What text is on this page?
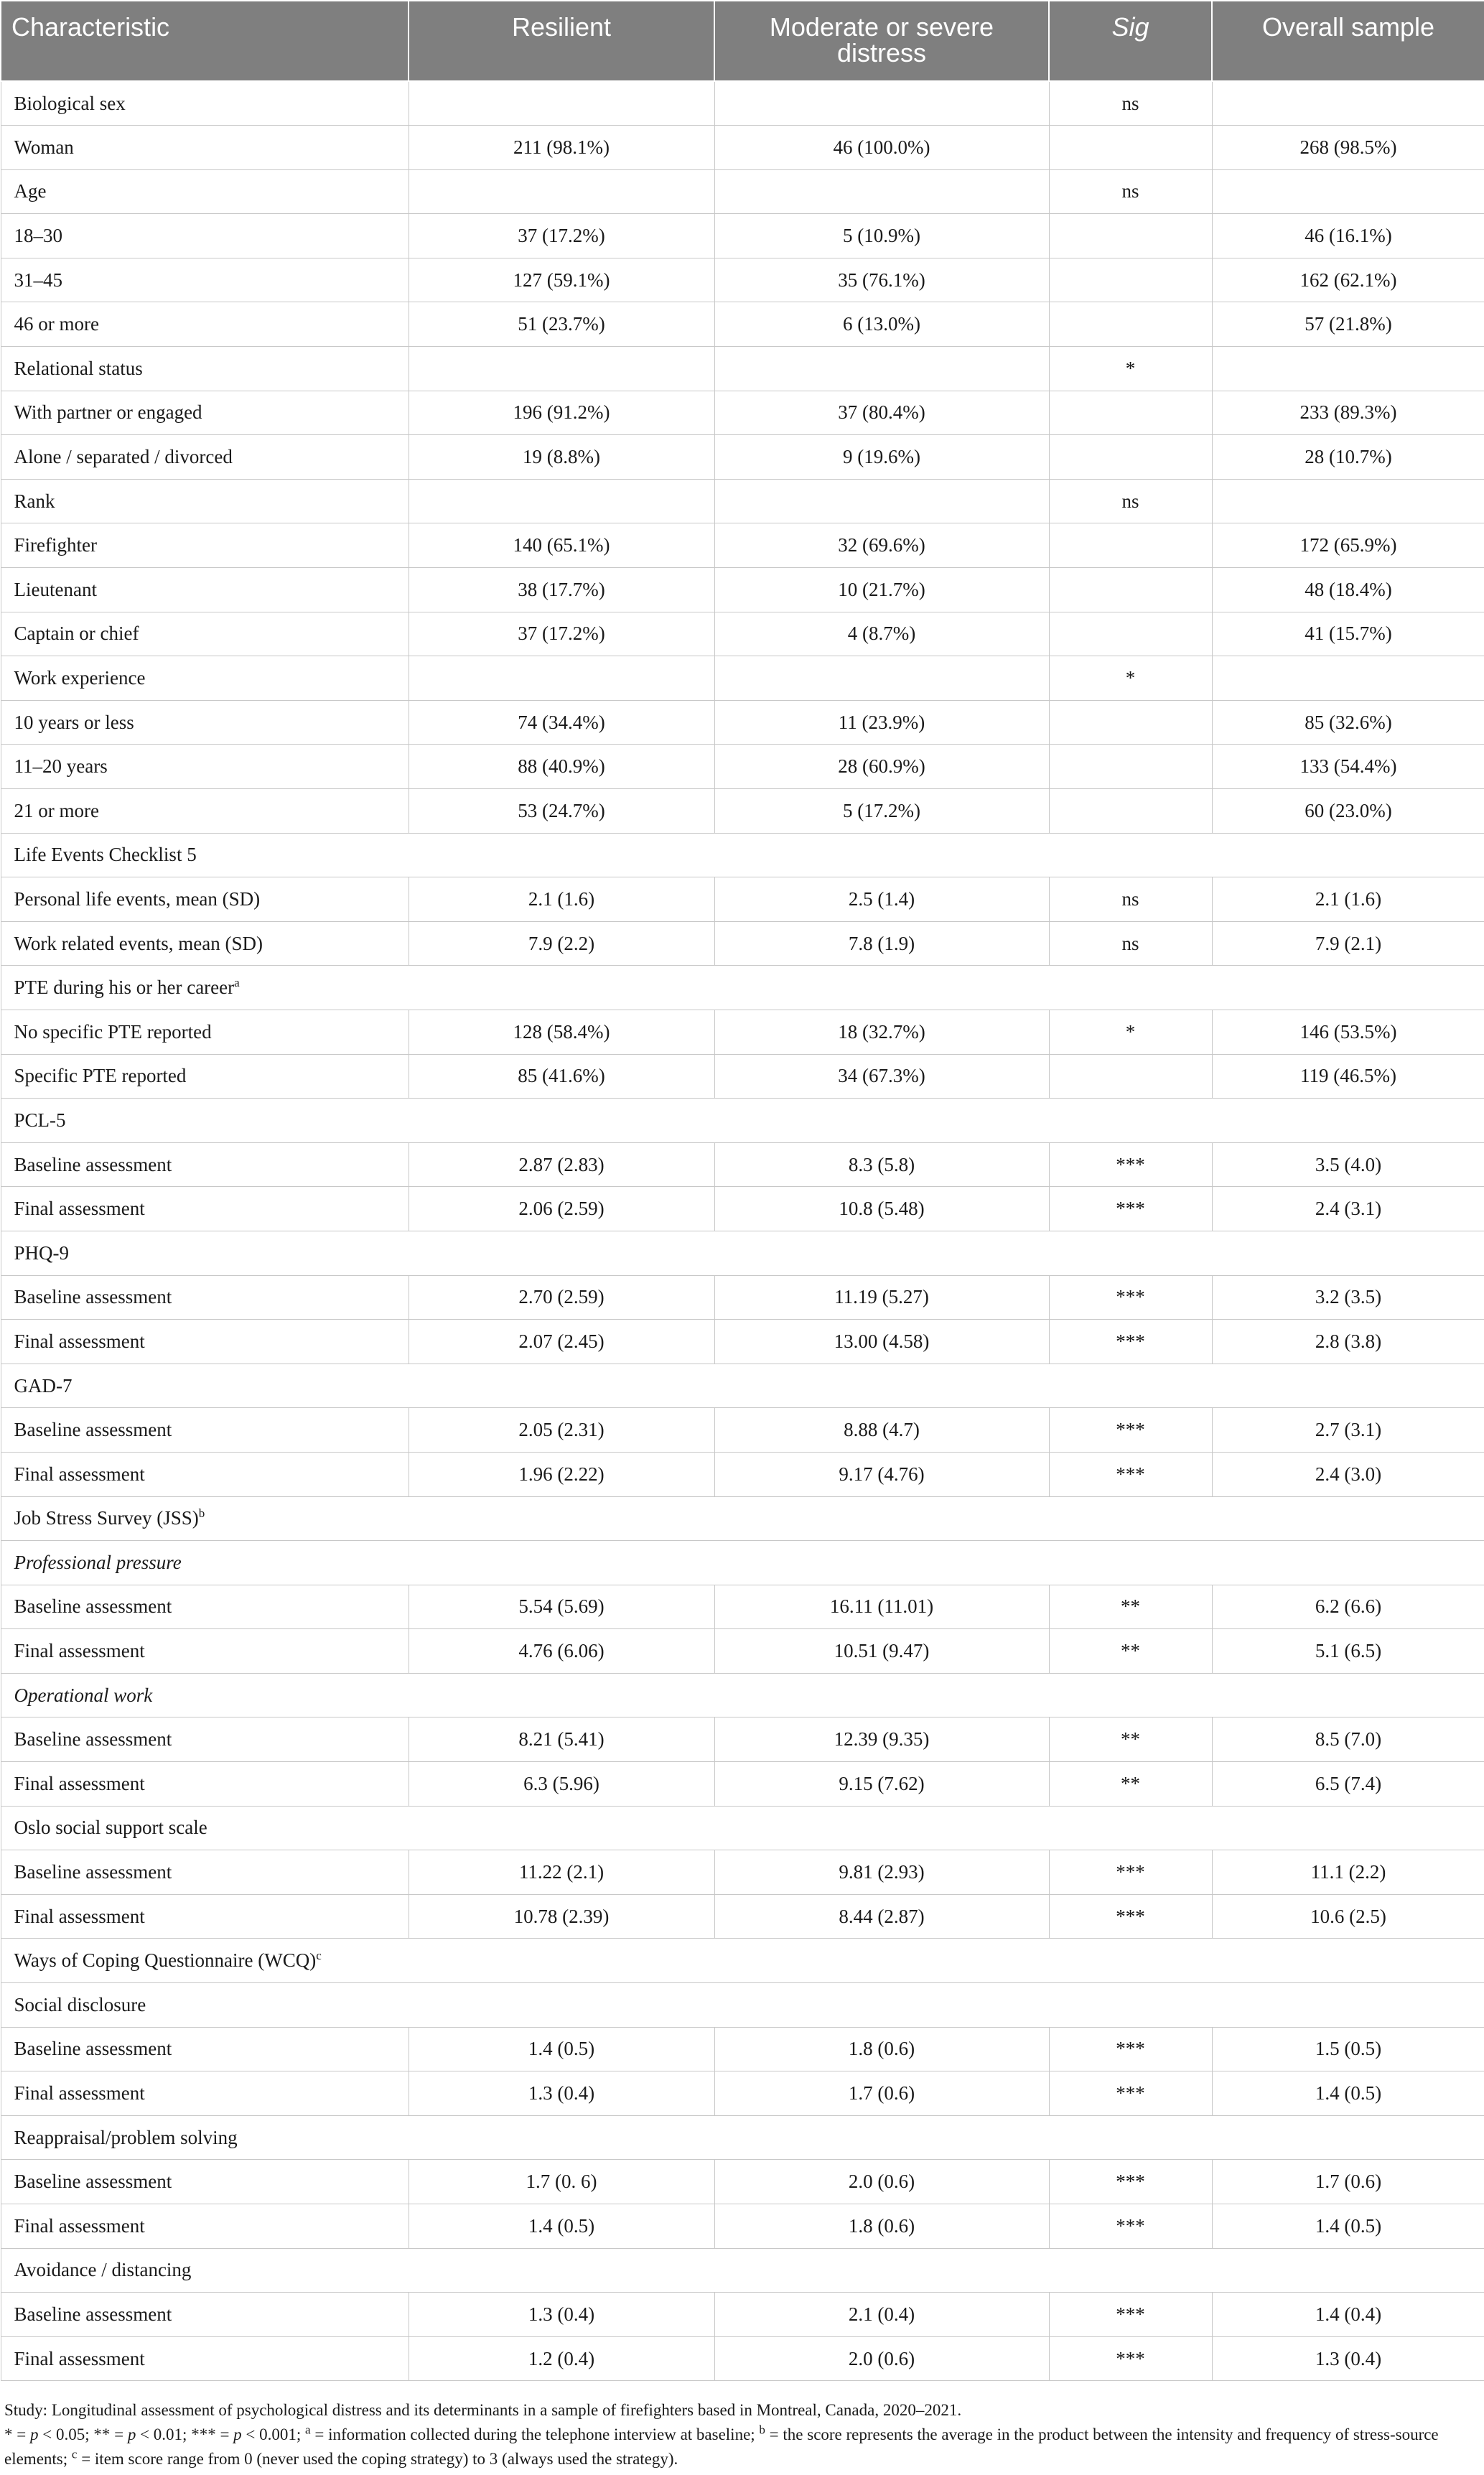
Characteristic	Resilient	Moderate or severe distress	Sig	Overall sample
Biological sex			ns	
Woman	211 (98.1%)	46 (100.0%)		268 (98.5%)
Age			ns	
18–30	37 (17.2%)	5 (10.9%)		46 (16.1%)
31–45	127 (59.1%)	35 (76.1%)		162 (62.1%)
46 or more	51 (23.7%)	6 (13.0%)		57 (21.8%)
Relational status			*	
With partner or engaged	196 (91.2%)	37 (80.4%)		233 (89.3%)
Alone / separated / divorced	19 (8.8%)	9 (19.6%)		28 (10.7%)
Rank			ns	
Firefighter	140 (65.1%)	32 (69.6%)		172 (65.9%)
Lieutenant	38 (17.7%)	10 (21.7%)		48 (18.4%)
Captain or chief	37 (17.2%)	4 (8.7%)		41 (15.7%)
Work experience			*	
10 years or less	74 (34.4%)	11 (23.9%)		85 (32.6%)
11–20 years	88 (40.9%)	28 (60.9%)		133 (54.4%)
21 or more	53 (24.7%)	5 (17.2%)		60 (23.0%)
Life Events Checklist 5				
Personal life events, mean (SD)	2.1 (1.6)	2.5 (1.4)	ns	2.1 (1.6)
Work related events, mean (SD)	7.9 (2.2)	7.8 (1.9)	ns	7.9 (2.1)
PTE during his or her career$^a$
No specific PTE reported	128 (58.4%)	18 (32.7%)	*	146 (53.5%)
Specific PTE reported	85 (41.6%)	34 (67.3%)		119 (46.5%)
PCL-5				
Baseline assessment	2.87 (2.83)	8.3 (5.8)	***	3.5 (4.0)
Final assessment	2.06 (2.59)	10.8 (5.48)	***	2.4 (3.1)
PHQ-9				
Baseline assessment	2.70 (2.59)	11.19 (5.27)	***	3.2 (3.5)
Final assessment	2.07 (2.45)	13.00 (4.58)	***	2.8 (3.8)
GAD-7				
Baseline assessment	2.05 (2.31)	8.88 (4.7)	***	2.7 (3.1)
Final assessment	1.96 (2.22)	9.17 (4.76)	***	2.4 (3.0)
Job Stress Survey (JSS)$^b$
Professional pressure				
Baseline assessment	5.54 (5.69)	16.11 (11.01)	**	6.2 (6.6)
Final assessment	4.76 (6.06)	10.51 (9.47)	**	5.1 (6.5)
Operational work				
Baseline assessment	8.21 (5.41)	12.39 (9.35)	**	8.5 (7.0)
Final assessment	6.3 (5.96)	9.15 (7.62)	**	6.5 (7.4)
Oslo social support scale				
Baseline assessment	11.22 (2.1)	9.81 (2.93)	***	11.1 (2.2)
Final assessment	10.78 (2.39)	8.44 (2.87)	***	10.6 (2.5)
Ways of Coping Questionnaire (WCQ)$^c$
Social disclosure				
Baseline assessment	1.4 (0.5)	1.8 (0.6)	***	1.5 (0.5)
Final assessment	1.3 (0.4)	1.7 (0.6)	***	1.4 (0.5)
Reappraisal/problem solving				
Baseline assessment	1.7 (0. 6)	2.0 (0.6)	***	1.7 (0.6)
Final assessment	1.4 (0.5)	1.8 (0.6)	***	1.4 (0.5)
Avoidance / distancing				
Baseline assessment	1.3 (0.4)	2.1 (0.4)	***	1.4 (0.4)
Final assessment	1.2 (0.4)	2.0 (0.6)	***	1.3 (0.4)

Study: Longitudinal assessment of psychological distress and its determinants in a sample of firefighters based in Montreal, Canada, 2020–2021.

* = p < 0.05; ** = p < 0.01; *** = p < 0.001; $^a$ = information collected during the telephone interview at baseline; $^b$ = the score represents the average in the product between the intensity and frequency of stress-source elements; $^c$ = item score range from 0 (never used the coping strategy) to 3 (always used the strategy).
